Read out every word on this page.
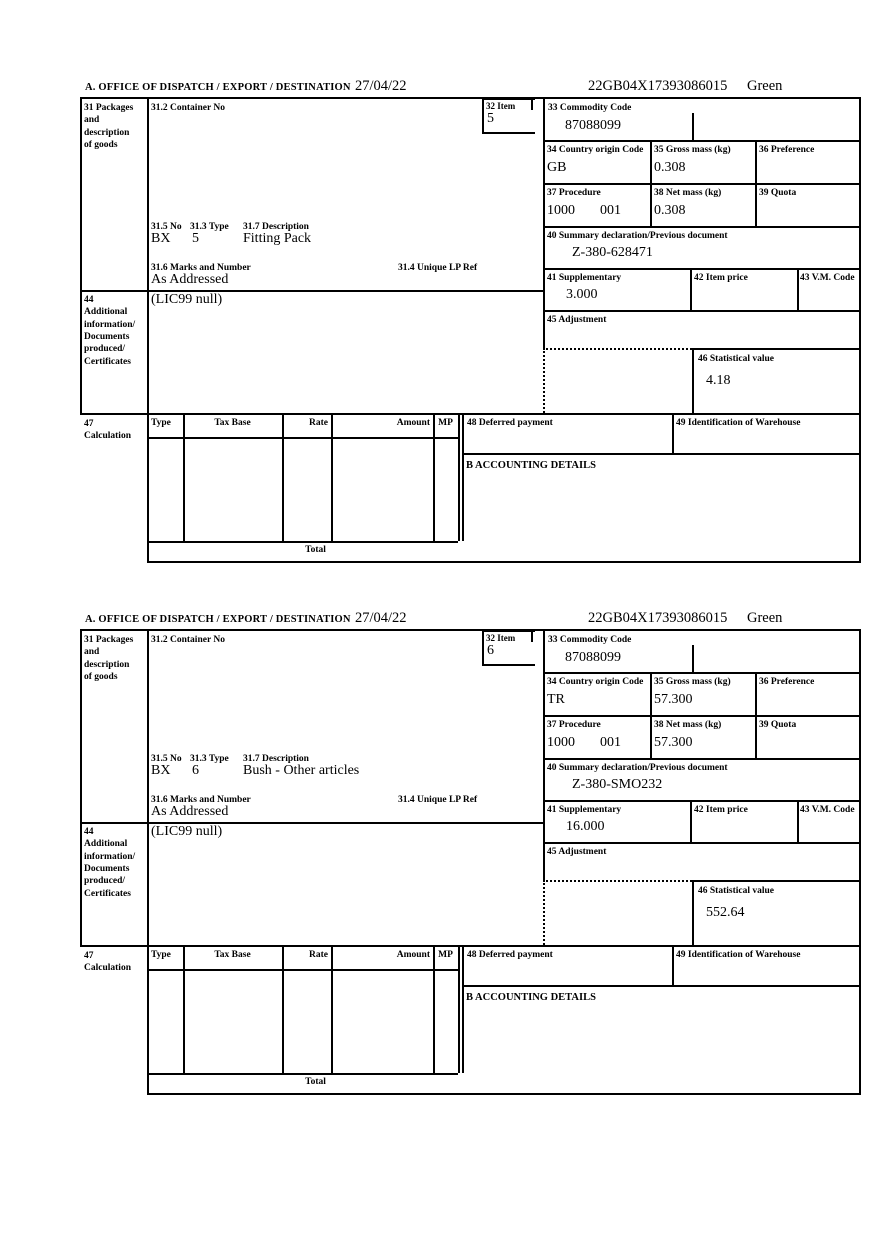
A. OFFICE OF DISPATCH / EXPORT / DESTINATION 27/04/22	22GB04X17393086015 Green
31 Packages
and
description
of goods
31.2 Container No	32 Item
5
31.5 No 31.3 Type 31.7 Description
BX 5	Fitting Pack
31.6 Marks and Number	31.4 Unique LP Ref
As Addressed
44
Additional
information/
Documents
produced/
Certificates
(LIC99 null)
33 Commodity Code
87088099
34 Country origin Code
GB
35 Gross mass (kg)
0.308
36 Preference
37 Procedure
1000 001
38 Net mass (kg)
0.308
39 Quota
40 Summary declaration/Previous document
Z-380-628471
41 Supplementary
3.000
42 Item price	43 V.M. Code
45 Adjustment
46 Statistical value
4.18
47
Calculation
Type	Tax Base	Rate	Amount MP
Total
48 Deferred payment	49 Identification of Warehouse
B ACCOUNTING DETAILS
A. OFFICE OF DISPATCH / EXPORT / DESTINATION 27/04/22	22GB04X17393086015 Green
31 Packages
and
description
of goods
31.2 Container No	32 Item
6
31.5 No 31.3 Type 31.7 Description
BX 6	Bush - Other articles
31.6 Marks and Number	31.4 Unique LP Ref
As Addressed
44
Additional
information/
Documents
produced/
Certificates
(LIC99 null)
33 Commodity Code
87088099
34 Country origin Code
TR
35 Gross mass (kg)
57.300
36 Preference
37 Procedure
1000 001
38 Net mass (kg)
57.300
39 Quota
40 Summary declaration/Previous document
Z-380-SMO232
41 Supplementary
16.000
42 Item price	43 V.M. Code
45 Adjustment
46 Statistical value
552.64
47
Calculation
Type	Tax Base	Rate	Amount MP
Total
48 Deferred payment	49 Identification of Warehouse
B ACCOUNTING DETAILS
